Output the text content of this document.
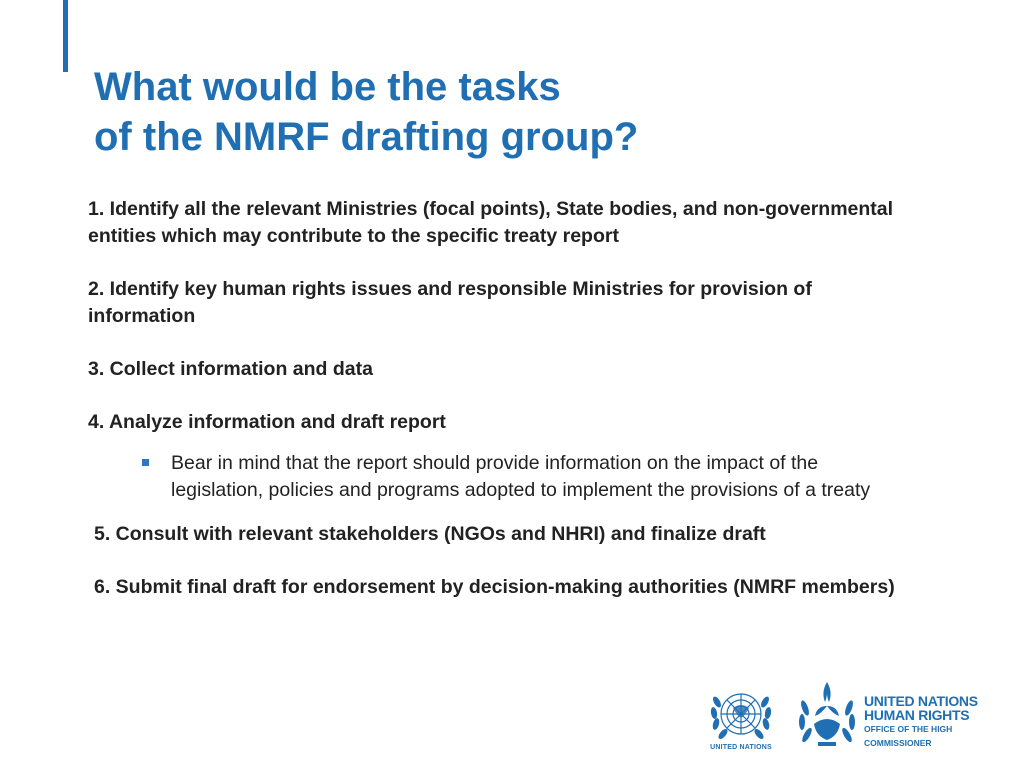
What would be the tasks
of the NMRF drafting group?

1. Identify all the relevant Ministries (focal points), State bodies, and non-governmental entities which may contribute to the specific treaty report

2. Identify key human rights issues and responsible Ministries for provision of information

3. Collect information and data

4. Analyze information and draft report

Bear in mind that the report should provide information on the impact of the legislation, policies and programs adopted to implement the provisions of a treaty

5. Consult with relevant stakeholders (NGOs and NHRI) and finalize draft

6. Submit final draft for endorsement by decision-making authorities (NMRF members)

UNITED NATIONS
UNITED NATIONS
HUMAN RIGHTS
OFFICE OF THE HIGH COMMISSIONER
